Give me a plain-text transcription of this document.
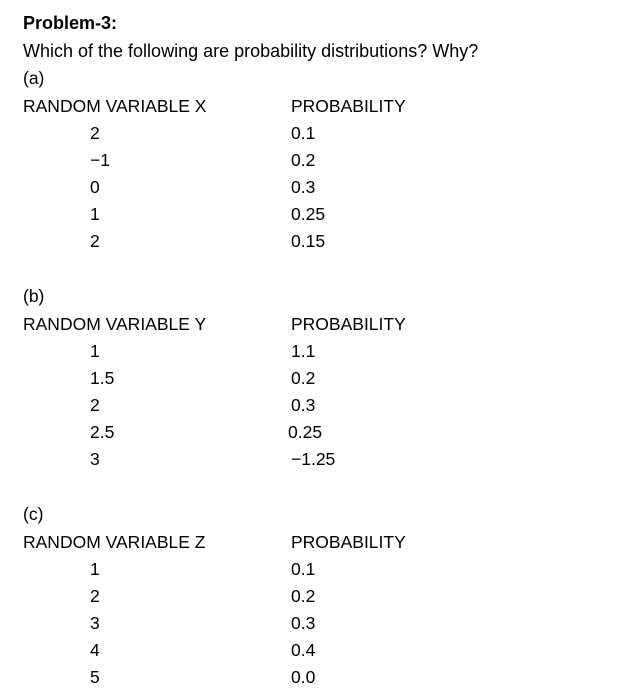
Problem-3:
Which of the following are probability distributions? Why?
(a)
RANDOM VARIABLE X	PROBABILITY
2	0.1
−1	0.2
0	0.3
1	0.25
2	0.15
(b)
RANDOM VARIABLE Y	PROBABILITY
1	1.1
1.5	0.2
2	0.3
2.5	0.25
3	−1.25
(c)
RANDOM VARIABLE Z	PROBABILITY
1	0.1
2	0.2
3	0.3
4	0.4
5	0.0
